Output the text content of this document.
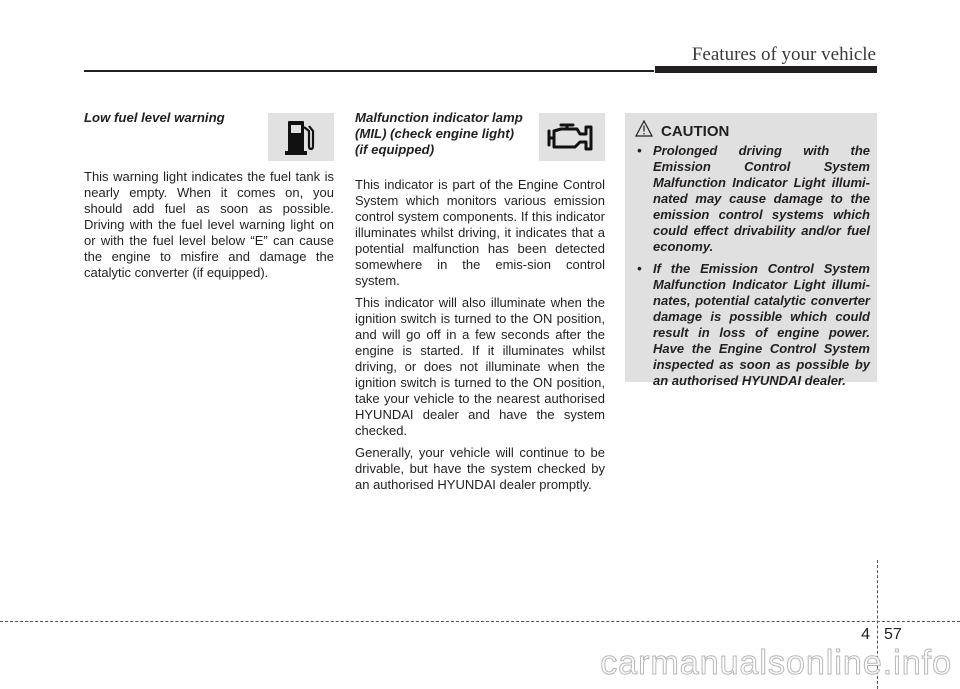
Features of your vehicle

Low fuel level warning

This warning light indicates the fuel tank is nearly empty. When it comes on, you should add fuel as soon as possible. Driving with the fuel level warning light on or with the fuel level below “E” can cause the engine to misfire and damage the catalytic converter (if equipped).

Malfunction indicator lamp
(MIL) (check engine light)
(if equipped)

This indicator is part of the Engine Control System which monitors various emission control system components. If this indicator illuminates whilst driving, it indicates that a potential malfunction has been detected somewhere in the emis-sion control system.

This indicator will also illuminate when the ignition switch is turned to the ON position, and will go off in a few seconds after the engine is started. If it illuminates whilst driving, or does not illuminate when the ignition switch is turned to the ON position, take your vehicle to the nearest authorised HYUNDAI dealer and have the system checked.

Generally, your vehicle will continue to be drivable, but have the system checked by an authorised HYUNDAI dealer promptly.

CAUTION
• Prolonged driving with the Emission Control System Malfunction Indicator Light illumi-nated may cause damage to the emission control systems which could effect drivability and/or fuel economy.
• If the Emission Control System Malfunction Indicator Light illumi-nates, potential catalytic converter damage is possible which could result in loss of engine power. Have the Engine Control System inspected as soon as possible by an authorised HYUNDAI dealer.
4 57
carmanualsonline.info
